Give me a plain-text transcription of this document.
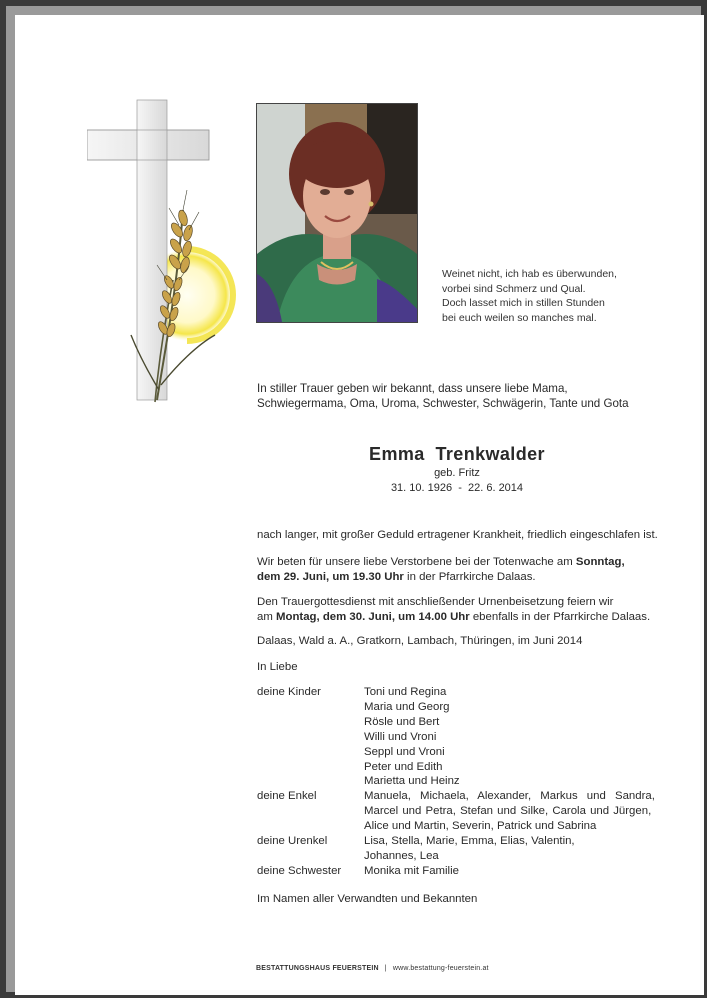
Weinet nicht, ich hab es überwunden,
vorbei sind Schmerz und Qual.
Doch lasset mich in stillen Stunden
bei euch weilen so manches mal.
In stiller Trauer geben wir bekannt, dass unsere liebe Mama, Schwiegermama, Oma, Uroma, Schwester, Schwägerin, Tante und Gota
Emma  Trenkwalder
geb. Fritz
31. 10. 1926  -  22. 6. 2014
nach langer, mit großer Geduld ertragener Krankheit, friedlich eingeschlafen ist.
Wir beten für unsere liebe Verstorbene bei der Totenwache am Sonntag,
dem 29. Juni, um 19.30 Uhr in der Pfarrkirche Dalaas.
Den Trauergottesdienst mit anschließender Urnenbeisetzung feiern wir
am Montag, dem 30. Juni, um 14.00 Uhr ebenfalls in der Pfarrkirche Dalaas.
Dalaas, Wald a. A., Gratkorn, Lambach, Thüringen, im Juni 2014
In Liebe
deine Kinder	Toni und Regina
Maria und Georg
Rösle und Bert
Willi und Vroni
Seppl und Vroni
Peter und Edith
Marietta und Heinz
deine Enkel	Manuela, Michaela, Alexander, Markus und Sandra,
Marcel und Petra, Stefan und Silke, Carola und Jürgen,
Alice und Martin, Severin, Patrick und Sabrina
deine Urenkel	Lisa, Stella, Marie, Emma, Elias, Valentin,
Johannes, Lea
deine Schwester	Monika mit Familie
Im Namen aller Verwandten und Bekannten
BESTATTUNGSHAUS FEUERSTEIN | www.bestattung-feuerstein.at
